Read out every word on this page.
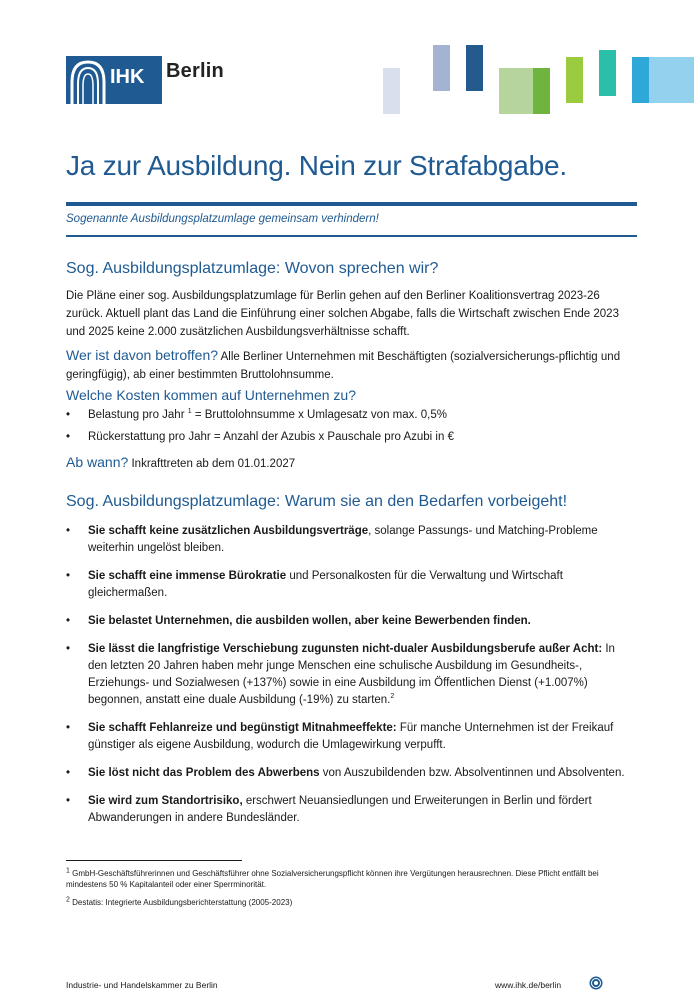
IHK Berlin
Ja zur Ausbildung. Nein zur Strafabgabe.
Sogenannte Ausbildungsplatzumlage gemeinsam verhindern!
Sog. Ausbildungsplatzumlage: Wovon sprechen wir?
Die Pläne einer sog. Ausbildungsplatzumlage für Berlin gehen auf den Berliner Koalitionsvertrag 2023-26 zurück. Aktuell plant das Land die Einführung einer solchen Abgabe, falls die Wirtschaft zwischen Ende 2023 und 2025 keine 2.000 zusätzlichen Ausbildungsverhältnisse schafft.
Wer ist davon betroffen? Alle Berliner Unternehmen mit Beschäftigten (sozialversicherungs-pflichtig und geringfügig), ab einer bestimmten Bruttolohnsumme.
Welche Kosten kommen auf Unternehmen zu?
• Belastung pro Jahr $^1$ = Bruttolohnsumme x Umlagesatz von max. 0,5%
• Rückerstattung pro Jahr = Anzahl der Azubis x Pauschale pro Azubi in €
Ab wann? Inkrafttreten ab dem 01.01.2027
Sog. Ausbildungsplatzumlage: Warum sie an den Bedarfen vorbeigeht!
• Sie schafft keine zusätzlichen Ausbildungsverträge, solange Passungs- und Matching-Probleme weiterhin ungelöst bleiben.
• Sie schafft eine immense Bürokratie und Personalkosten für die Verwaltung und Wirtschaft gleichermaßen.
• Sie belastet Unternehmen, die ausbilden wollen, aber keine Bewerbenden finden.
• Sie lässt die langfristige Verschiebung zugunsten nicht-dualer Ausbildungsberufe außer Acht: In den letzten 20 Jahren haben mehr junge Menschen eine schulische Ausbildung im Gesundheits-, Erziehungs- und Sozialwesen (+137%) sowie in eine Ausbildung im Öffentlichen Dienst (+1.007%) begonnen, anstatt eine duale Ausbildung (-19%) zu starten.$^2$
• Sie schafft Fehlanreize und begünstigt Mitnahmeeffekte: Für manche Unternehmen ist der Freikauf günstiger als eigene Ausbildung, wodurch die Umlagewirkung verpufft.
• Sie löst nicht das Problem des Abwerbens von Auszubildenden bzw. Absolventinnen und Absolventen.
• Sie wird zum Standortrisiko, erschwert Neuansiedlungen und Erweiterungen in Berlin und fördert Abwanderungen in andere Bundesländer.
$^1$ GmbH-Geschäftsführerinnen und Geschäftsführer ohne Sozialversicherungspflicht können ihre Vergütungen herausrechnen. Diese Pflicht entfällt bei mindestens 50 % Kapitalanteil oder einer Sperrminorität.
$^2$ Destatis: Integrierte Ausbildungsberichterstattung (2005-2023)
Industrie- und Handelskammer zu Berlin	www.ihk.de/berlin
